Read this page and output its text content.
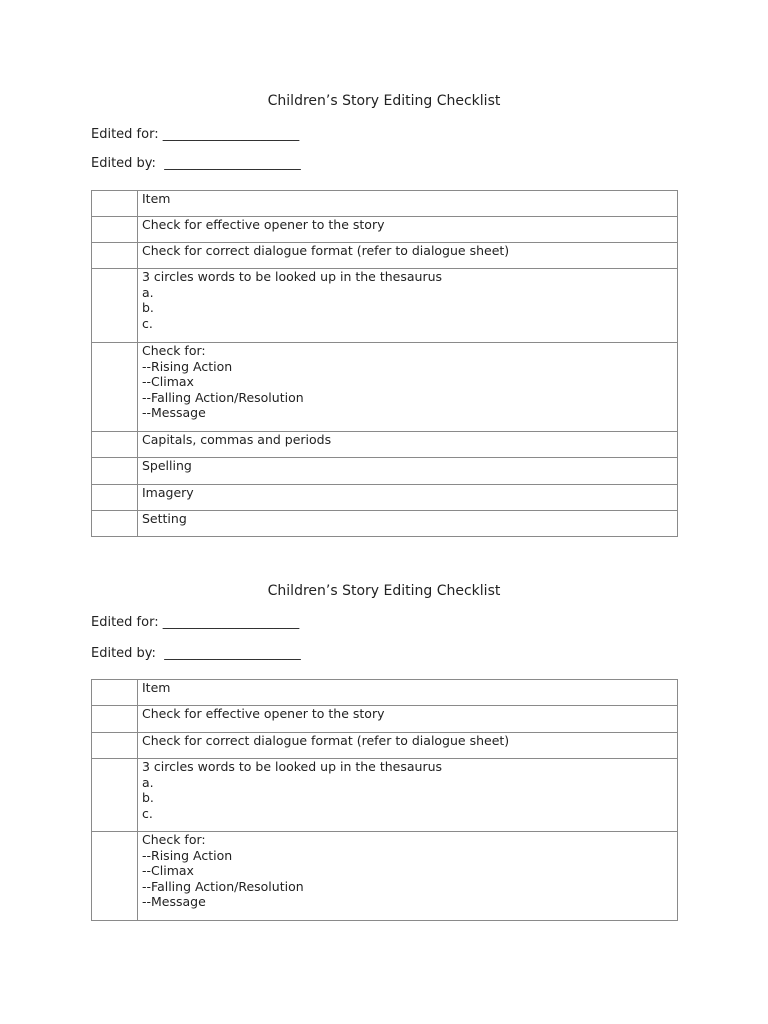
Children’s Story Editing Checklist
Edited for: _____________________
Edited by: _____________________

	Item

	Check for effective opener to the story

	Check for correct dialogue format (refer to dialogue sheet)

	3 circles words to be looked up in the thesaurus
a.
b.
c.

	Check for:
--Rising Action
--Climax
--Falling Action/Resolution
--Message

	Capitals, commas and periods

	Spelling

	Imagery

	Setting
Children’s Story Editing Checklist
Edited for: _____________________
Edited by: _____________________

	Item

	Check for effective opener to the story

	Check for correct dialogue format (refer to dialogue sheet)

	3 circles words to be looked up in the thesaurus
a.
b.
c.

	Check for:
--Rising Action
--Climax
--Falling Action/Resolution
--Message
